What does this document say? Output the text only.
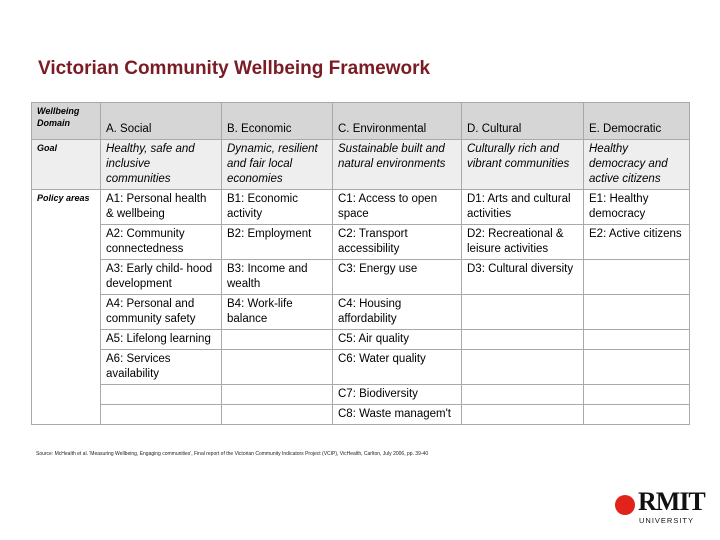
Victorian Community Wellbeing Framework
Wellbeing Domain	A. Social	B. Economic	C. Environmental	D. Cultural	E. Democratic
Goal	Healthy, safe and inclusive communities	Dynamic, resilient and fair local economies	Sustainable built and natural environments	Culturally rich and vibrant communities	Healthy democracy and active citizens
Policy areas	A1: Personal health & wellbeing	B1: Economic activity	C1: Access to open space	D1: Arts and cultural activities	E1: Healthy democracy
	A2: Community connectedness	B2: Employment	C2: Transport accessibility	D2: Recreational & leisure activities	E2: Active citizens
	A3: Early child- hood development	B3: Income and wealth	C3: Energy use	D3: Cultural diversity	
	A4: Personal and community safety	B4: Work-life balance	C4: Housing affordability		
	A5: Lifelong learning		C5: Air quality		
	A6: Services availability		C6: Water quality		
			C7: Biodiversity		
			C8: Waste managem't		
Source: McHealth et al. 'Measuring Wellbeing, Engaging communities', Final report of the Victorian Community Indicators Project (VCIP), VicHealth, Carlton, July 2006, pp. 39-40
RMIT
UNIVERSITY
